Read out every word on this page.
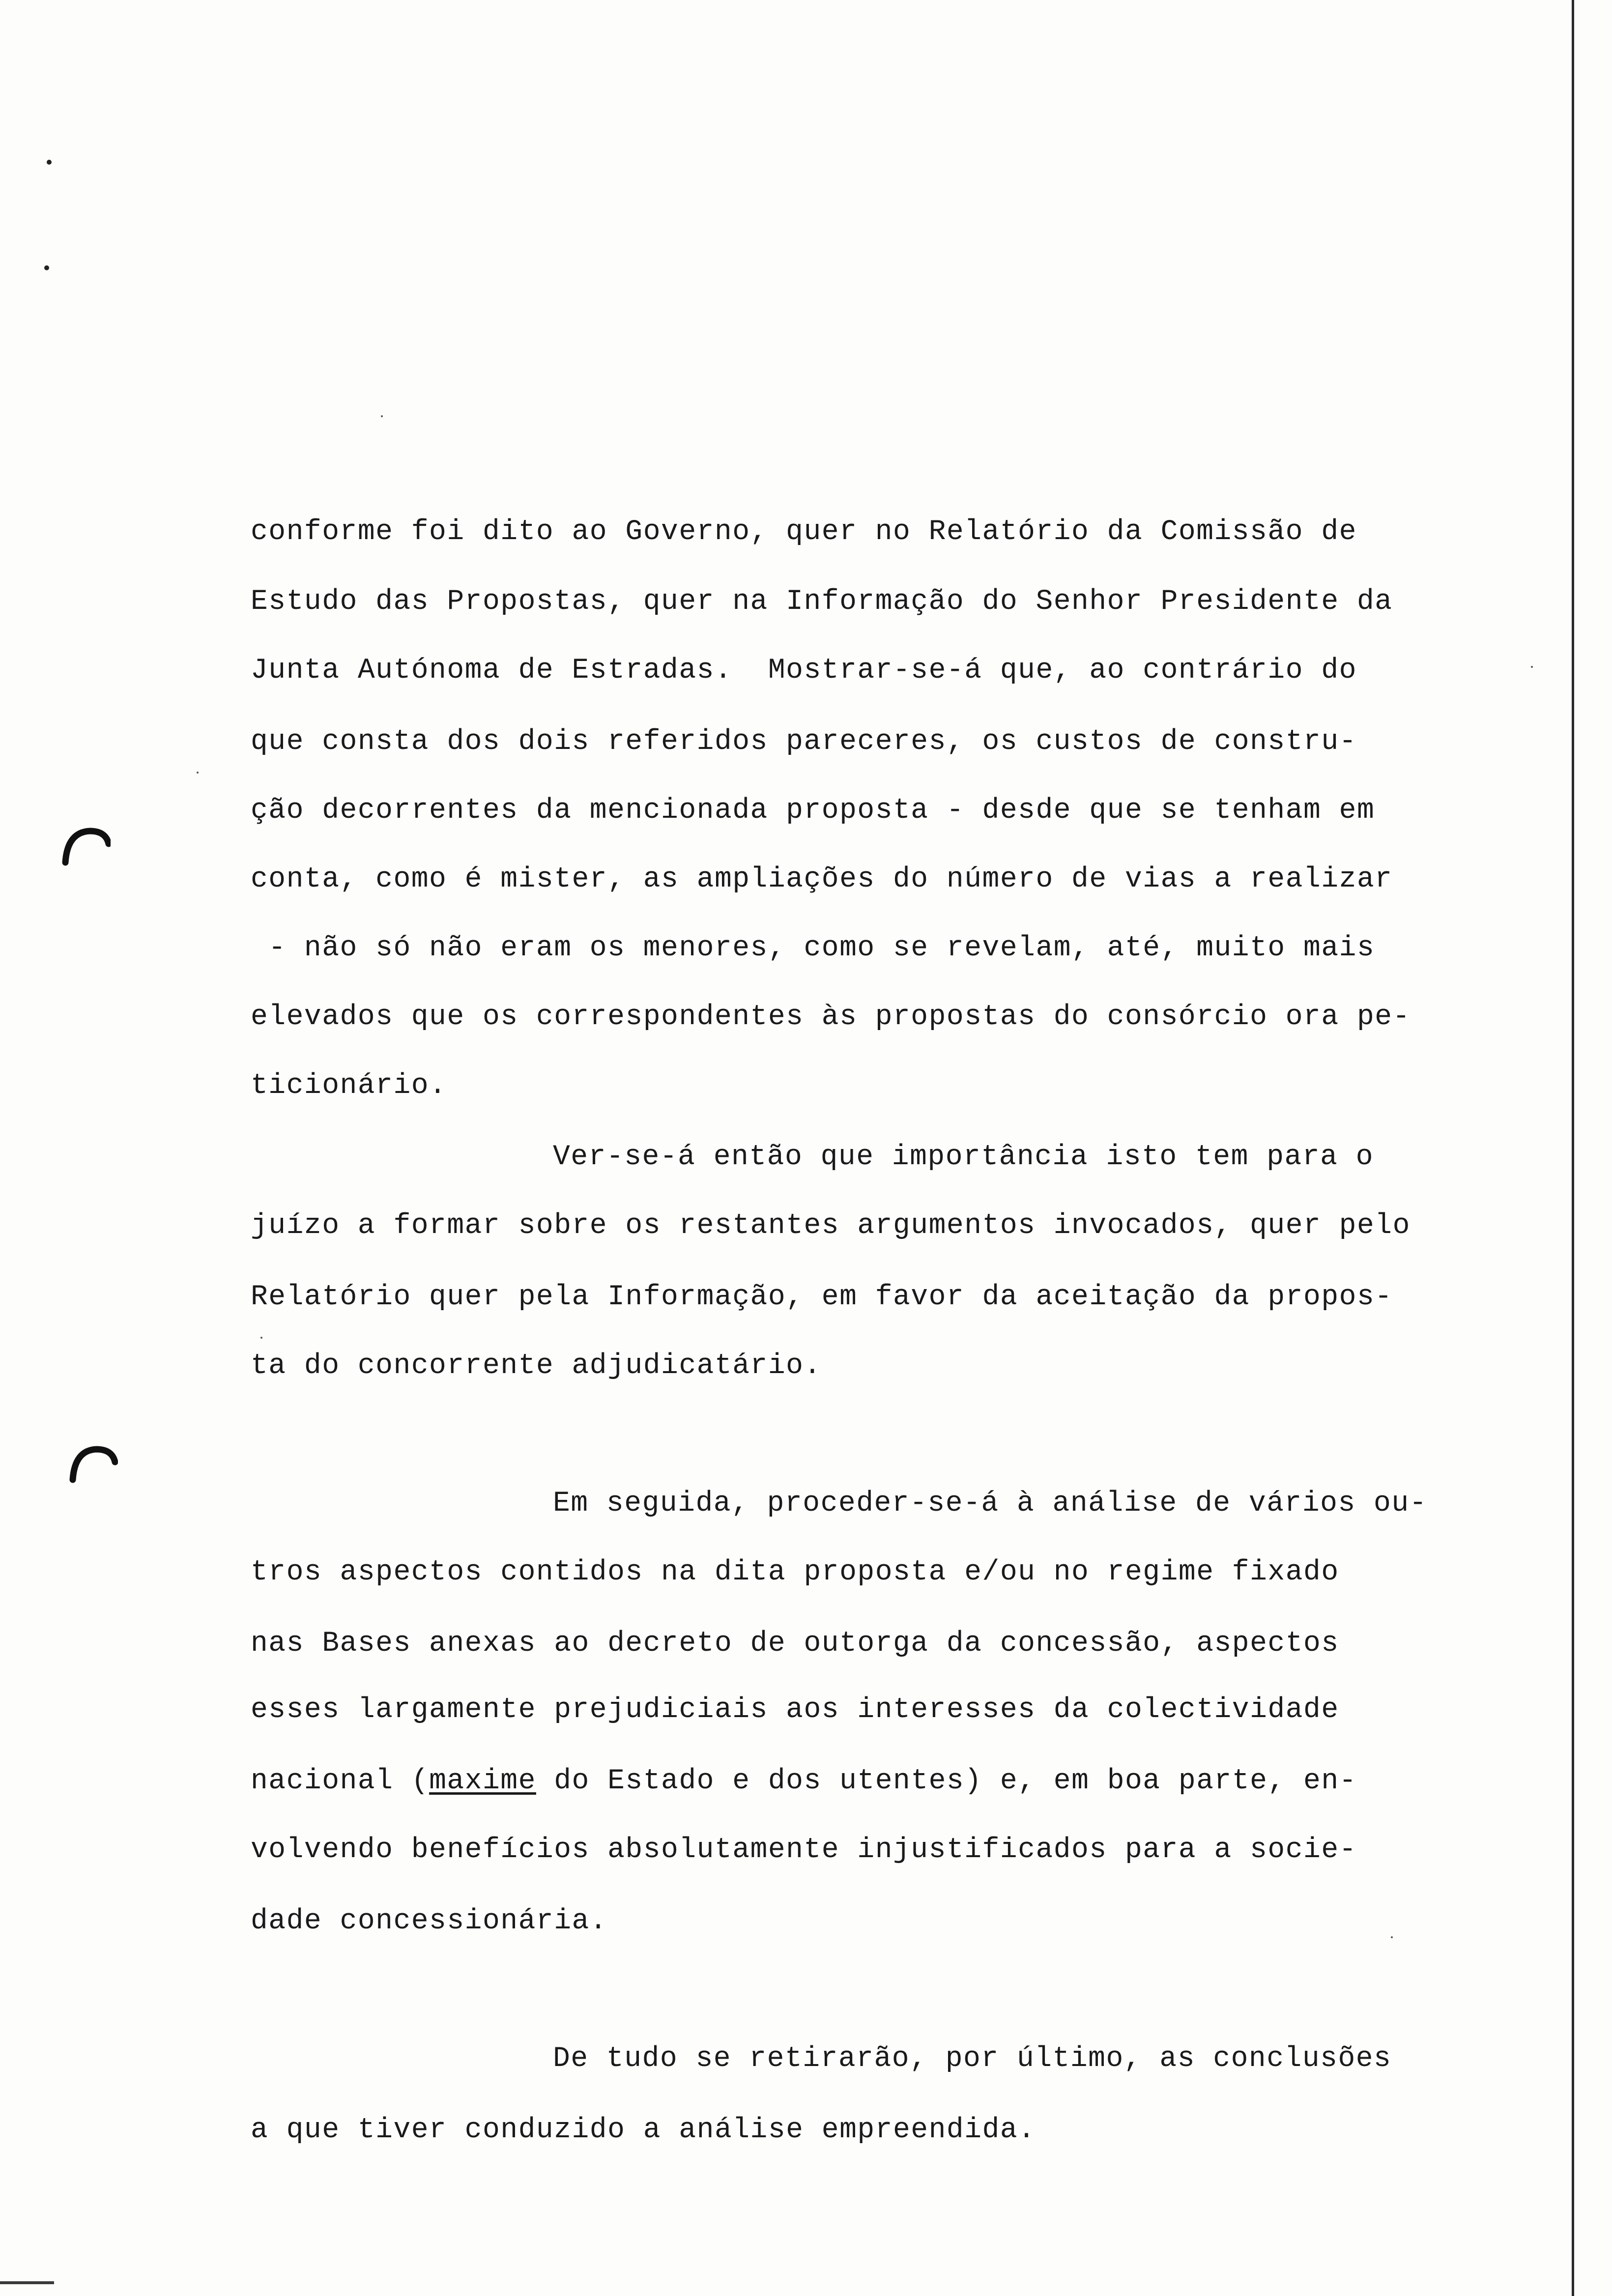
conforme foi dito ao Governo, quer no Relatório da Comissão de
Estudo das Propostas, quer na Informação do Senhor Presidente da
Junta Autónoma de Estradas.  Mostrar-se-á que, ao contrário do
que consta dos dois referidos pareceres, os custos de constru-
ção decorrentes da mencionada proposta - desde que se tenham em
conta, como é mister, as ampliações do número de vias a realizar
- não só não eram os menores, como se revelam, até, muito mais
elevados que os correspondentes às propostas do consórcio ora pe-
ticionário.
Ver-se-á então que importância isto tem para o
juízo a formar sobre os restantes argumentos invocados, quer pelo
Relatório quer pela Informação, em favor da aceitação da propos-
ta do concorrente adjudicatário.
Em seguida, proceder-se-á à análise de vários ou-
tros aspectos contidos na dita proposta e/ou no regime fixado
nas Bases anexas ao decreto de outorga da concessão, aspectos
esses largamente prejudiciais aos interesses da colectividade
nacional (maxime do Estado e dos utentes) e, em boa parte, en-
volvendo benefícios absolutamente injustificados para a socie-
dade concessionária.
De tudo se retirarão, por último, as conclusões
a que tiver conduzido a análise empreendida.
